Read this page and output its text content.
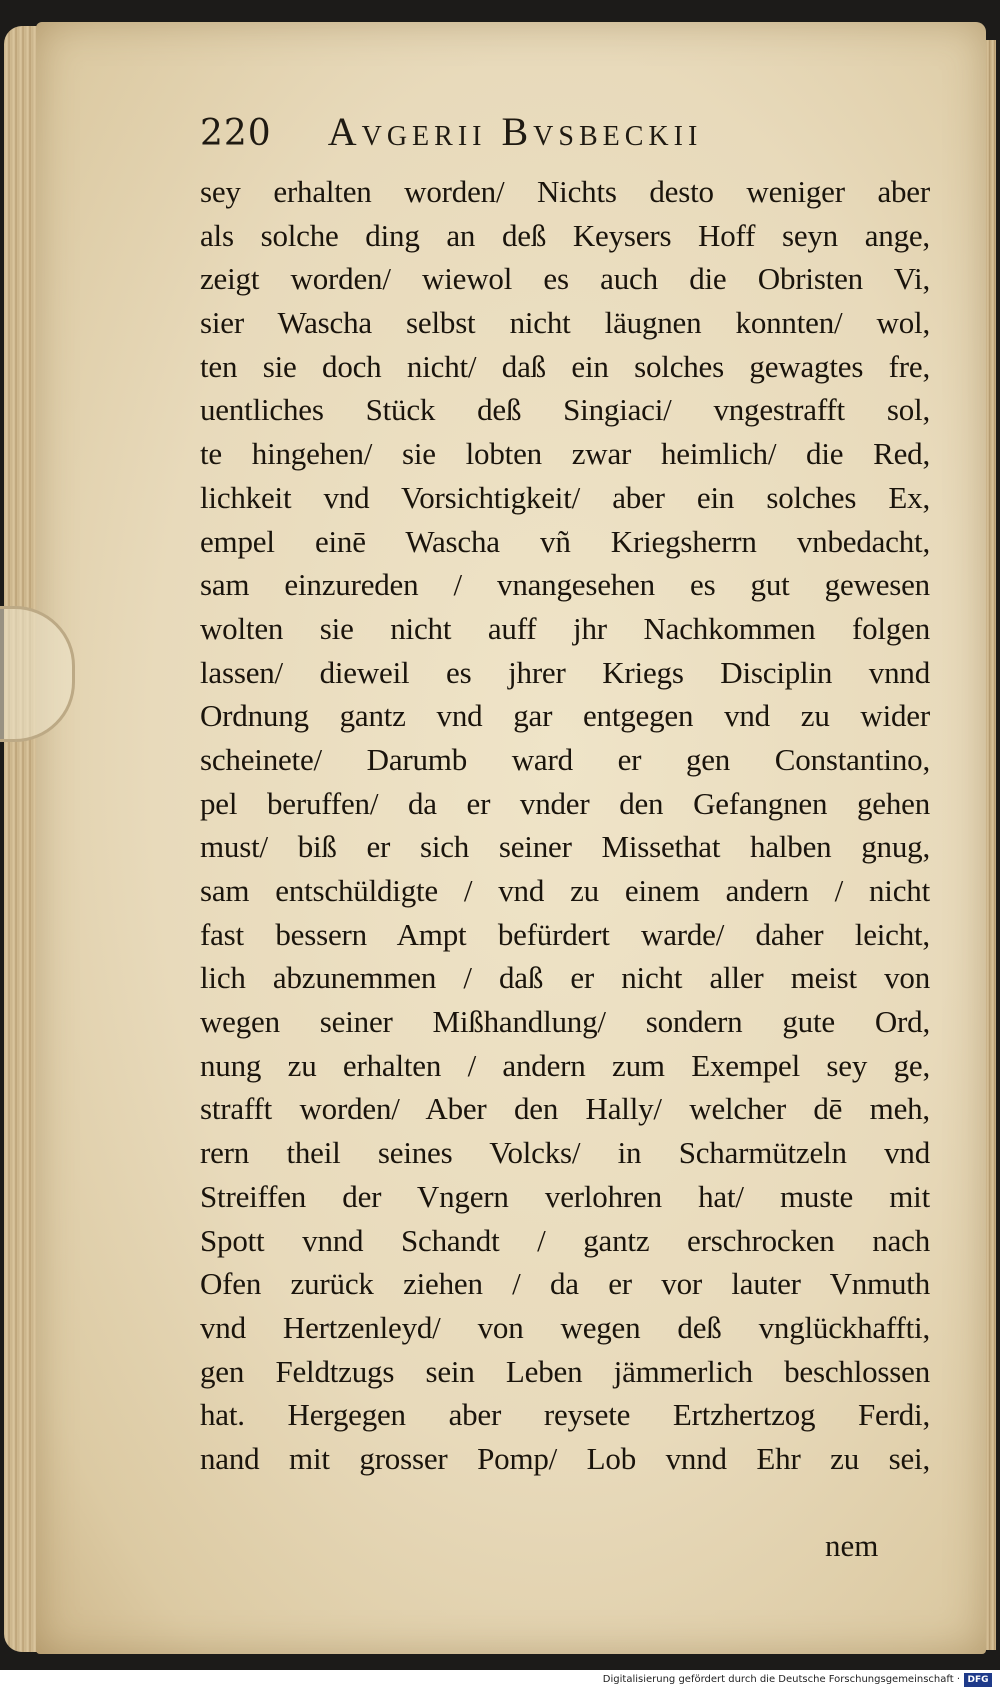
220 Avgerii Bvsbeckii
sey erhalten worden/ Nichts desto weniger aber
als solche ding an deß Keysers Hoff seyn ange,
zeigt worden/ wiewol es auch die Obristen Vi,
sier Wascha selbst nicht läugnen konnten/ wol,
ten sie doch nicht/ daß ein solches gewagtes fre,
uentliches Stück deß Singiaci/ vngestrafft sol,
te hingehen/ sie lobten zwar heimlich/ die Red,
lichkeit vnd Vorsichtigkeit/ aber ein solches Ex,
empel einē Wascha vñ Kriegsherrn vnbedacht,
sam einzureden / vnangesehen es gut gewesen
wolten sie nicht auff jhr Nachkommen folgen
lassen/ dieweil es jhrer Kriegs Disciplin vnnd
Ordnung gantz vnd gar entgegen vnd zu wider
scheinete/ Darumb ward er gen Constantino,
pel beruffen/ da er vnder den Gefangnen gehen
must/ biß er sich seiner Missethat halben gnug,
sam entschüldigte / vnd zu einem andern / nicht
fast bessern Ampt befürdert warde/ daher leicht,
lich abzunemmen / daß er nicht aller meist von
wegen seiner Mißhandlung/ sondern gute Ord,
nung zu erhalten / andern zum Exempel sey ge,
strafft worden/ Aber den Hally/ welcher dē meh,
rern theil seines Volcks/ in Scharmützeln vnd
Streiffen der Vngern verlohren hat/ muste mit
Spott vnnd Schandt / gantz erschrocken nach
Ofen zurück ziehen / da er vor lauter Vnmuth
vnd Hertzenleyd/ von wegen deß vnglückhaffti,
gen Feldtzugs sein Leben jämmerlich beschlossen
hat. Hergegen aber reysete Ertzhertzog Ferdi,
nand mit grosser Pomp/ Lob vnnd Ehr zu sei,
nem
Digitalisierung gefördert durch die Deutsche Forschungsgemeinschaft · DFG
